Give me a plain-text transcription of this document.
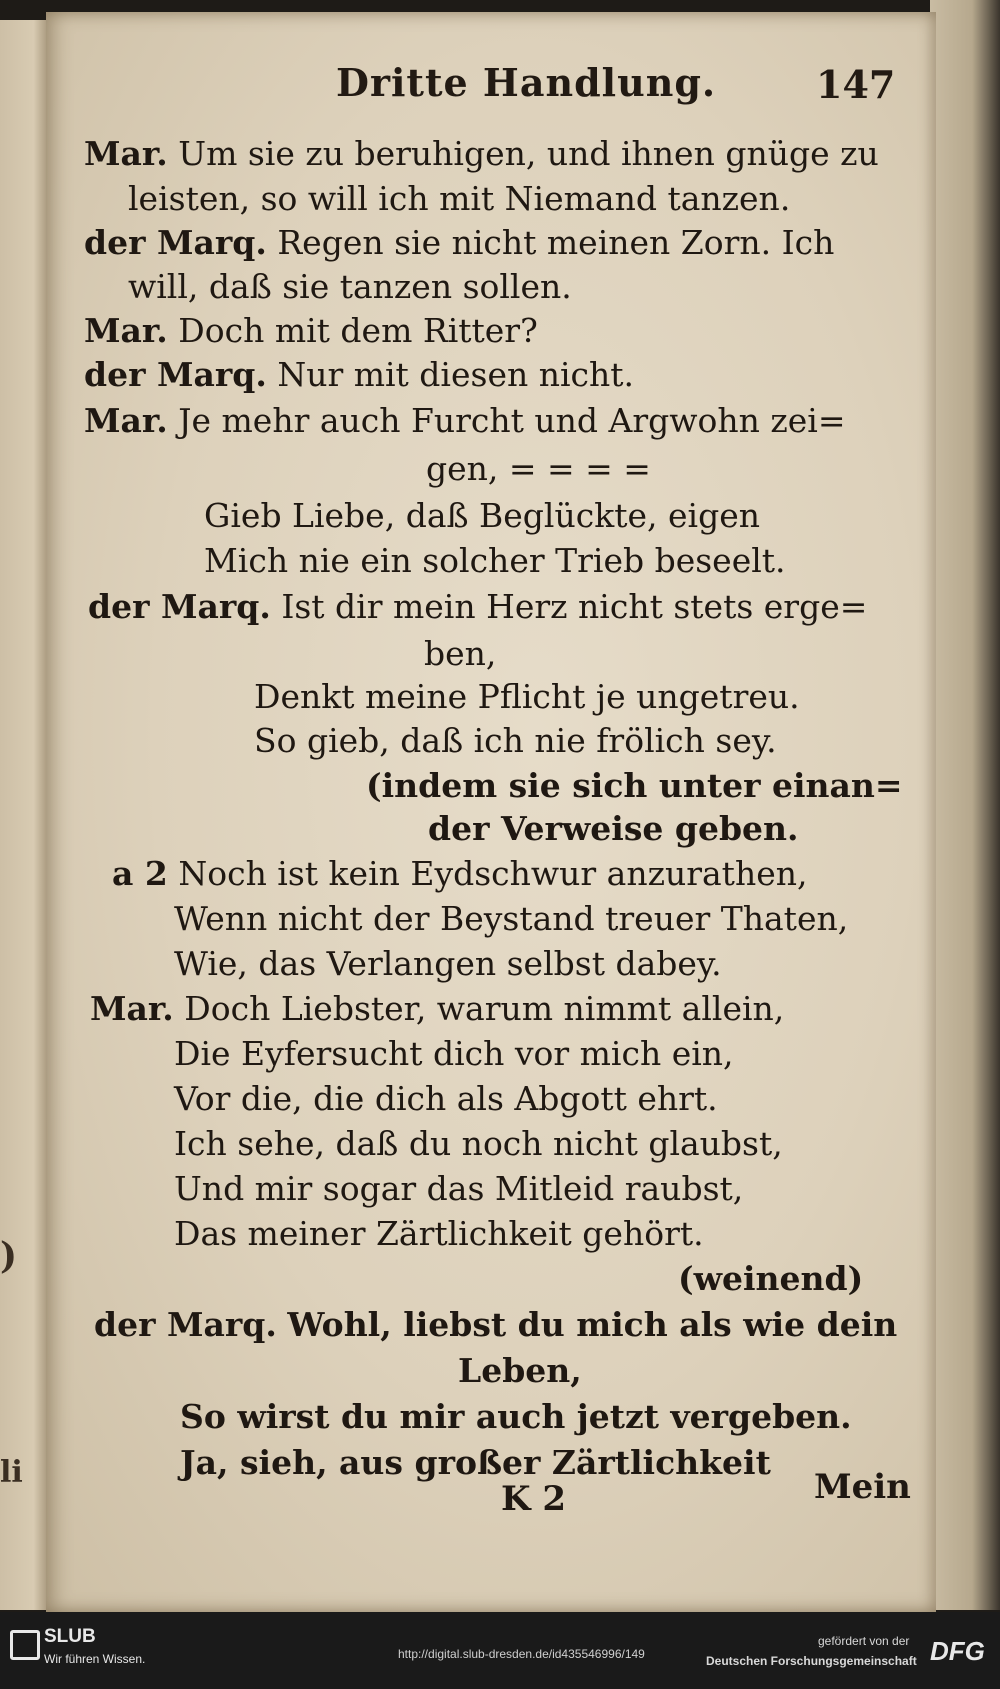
)
li
Dritte Handlung.	147
Mar. Um sie zu beruhigen, und ihnen gnüge zu
leisten, so will ich mit Niemand tanzen.
der Marq. Regen sie nicht meinen Zorn. Ich
will, daß sie tanzen sollen.
Mar. Doch mit dem Ritter?
der Marq. Nur mit diesen nicht.
Mar. Je mehr auch Furcht und Argwohn zei=
gen, = = = =
Gieb Liebe, daß Beglückte, eigen
Mich nie ein solcher Trieb beseelt.
der Marq. Ist dir mein Herz nicht stets erge=
ben,
Denkt meine Pflicht je ungetreu.
So gieb, daß ich nie frölich sey.
(indem sie sich unter einan=
der Verweise geben.
a 2 Noch ist kein Eydschwur anzurathen,
Wenn nicht der Beystand treuer Thaten,
Wie, das Verlangen selbst dabey.
Mar. Doch Liebster, warum nimmt allein,
Die Eyfersucht dich vor mich ein,
Vor die, die dich als Abgott ehrt.
Ich sehe, daß du noch nicht glaubst,
Und mir sogar das Mitleid raubst,
Das meiner Zärtlichkeit gehört.
(weinend)
der Marq. Wohl, liebst du mich als wie dein
Leben,
So wirst du mir auch jetzt vergeben.
Ja, sieh, aus großer Zärtlichkeit
K 2	Mein
SLUB
Wir führen Wissen.	http://digital.slub-dresden.de/id435546996/149
gefördert von der
Deutschen Forschungsgemeinschaft DFG
